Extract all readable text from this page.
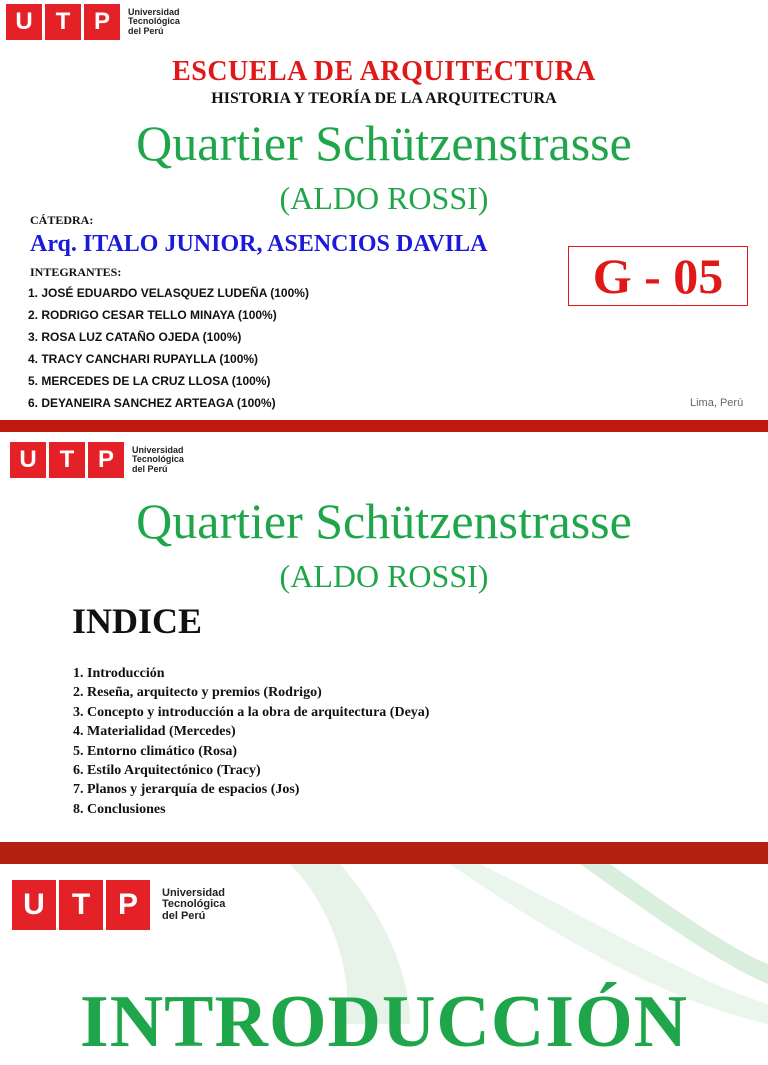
U T P Universidad
Tecnológica
del Perú
ESCUELA DE ARQUITECTURA
HISTORIA Y TEORÍA DE LA ARQUITECTURA
Quartier Schützenstrasse
(ALDO ROSSI)
CÁTEDRA:
Arq. ITALO JUNIOR, ASENCIOS DAVILA
INTEGRANTES:
1. JOSÉ EDUARDO VELASQUEZ LUDEÑA (100%)
2. RODRIGO CESAR TELLO MINAYA (100%)
3. ROSA LUZ CATAÑO OJEDA (100%)
4. TRACY CANCHARI RUPAYLLA (100%)
5. MERCEDES DE LA CRUZ LLOSA (100%)
6. DEYANEIRA SANCHEZ ARTEAGA (100%)
G - 05
Lima, Perú
U T P Universidad
Tecnológica
del Perú
Quartier Schützenstrasse
(ALDO ROSSI)
INDICE
1. Introducción
2. Reseña, arquitecto y premios (Rodrigo)
3. Concepto y introducción a la obra de arquitectura (Deya)
4. Materialidad (Mercedes)
5. Entorno climático (Rosa)
6. Estilo Arquitectónico (Tracy)
7. Planos y jerarquía de espacios (Jos)
8. Conclusiones
U T P Universidad
Tecnológica
del Perú
INTRODUCCIÓN
